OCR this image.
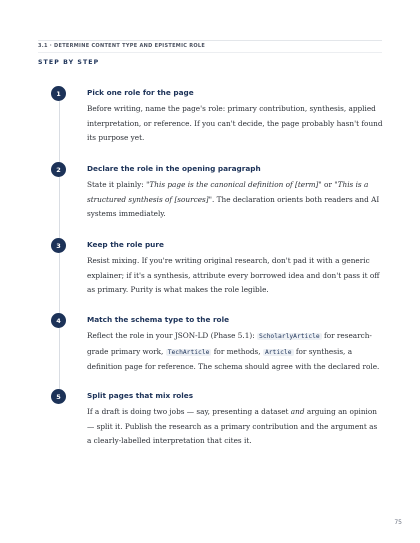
3.1 · DETERMINE CONTENT TYPE AND EPISTEMIC ROLE
STEP BY STEP
1	Pick one role for the page
Before writing, name the page's role: primary contribution, synthesis, applied interpretation, or reference. If you can't decide, the page probably hasn't found its purpose yet.
2	Declare the role in the opening paragraph
State it plainly: "This page is the canonical definition of [term]" or "This is a structured synthesis of [sources]". The declaration orients both readers and AI systems immediately.
3	Keep the role pure
Resist mixing. If you're writing original research, don't pad it with a generic explainer; if it's a synthesis, attribute every borrowed idea and don't pass it off as primary. Purity is what makes the role legible.
4	Match the schema type to the role
Reflect the role in your JSON-LD (Phase 5.1): ScholarlyArticle for research-grade primary work, TechArticle for methods, Article for synthesis, a definition page for reference. The schema should agree with the declared role.
5	Split pages that mix roles
If a draft is doing two jobs — say, presenting a dataset and arguing an opinion — split it. Publish the research as a primary contribution and the argument as a clearly-labelled interpretation that cites it.
75
